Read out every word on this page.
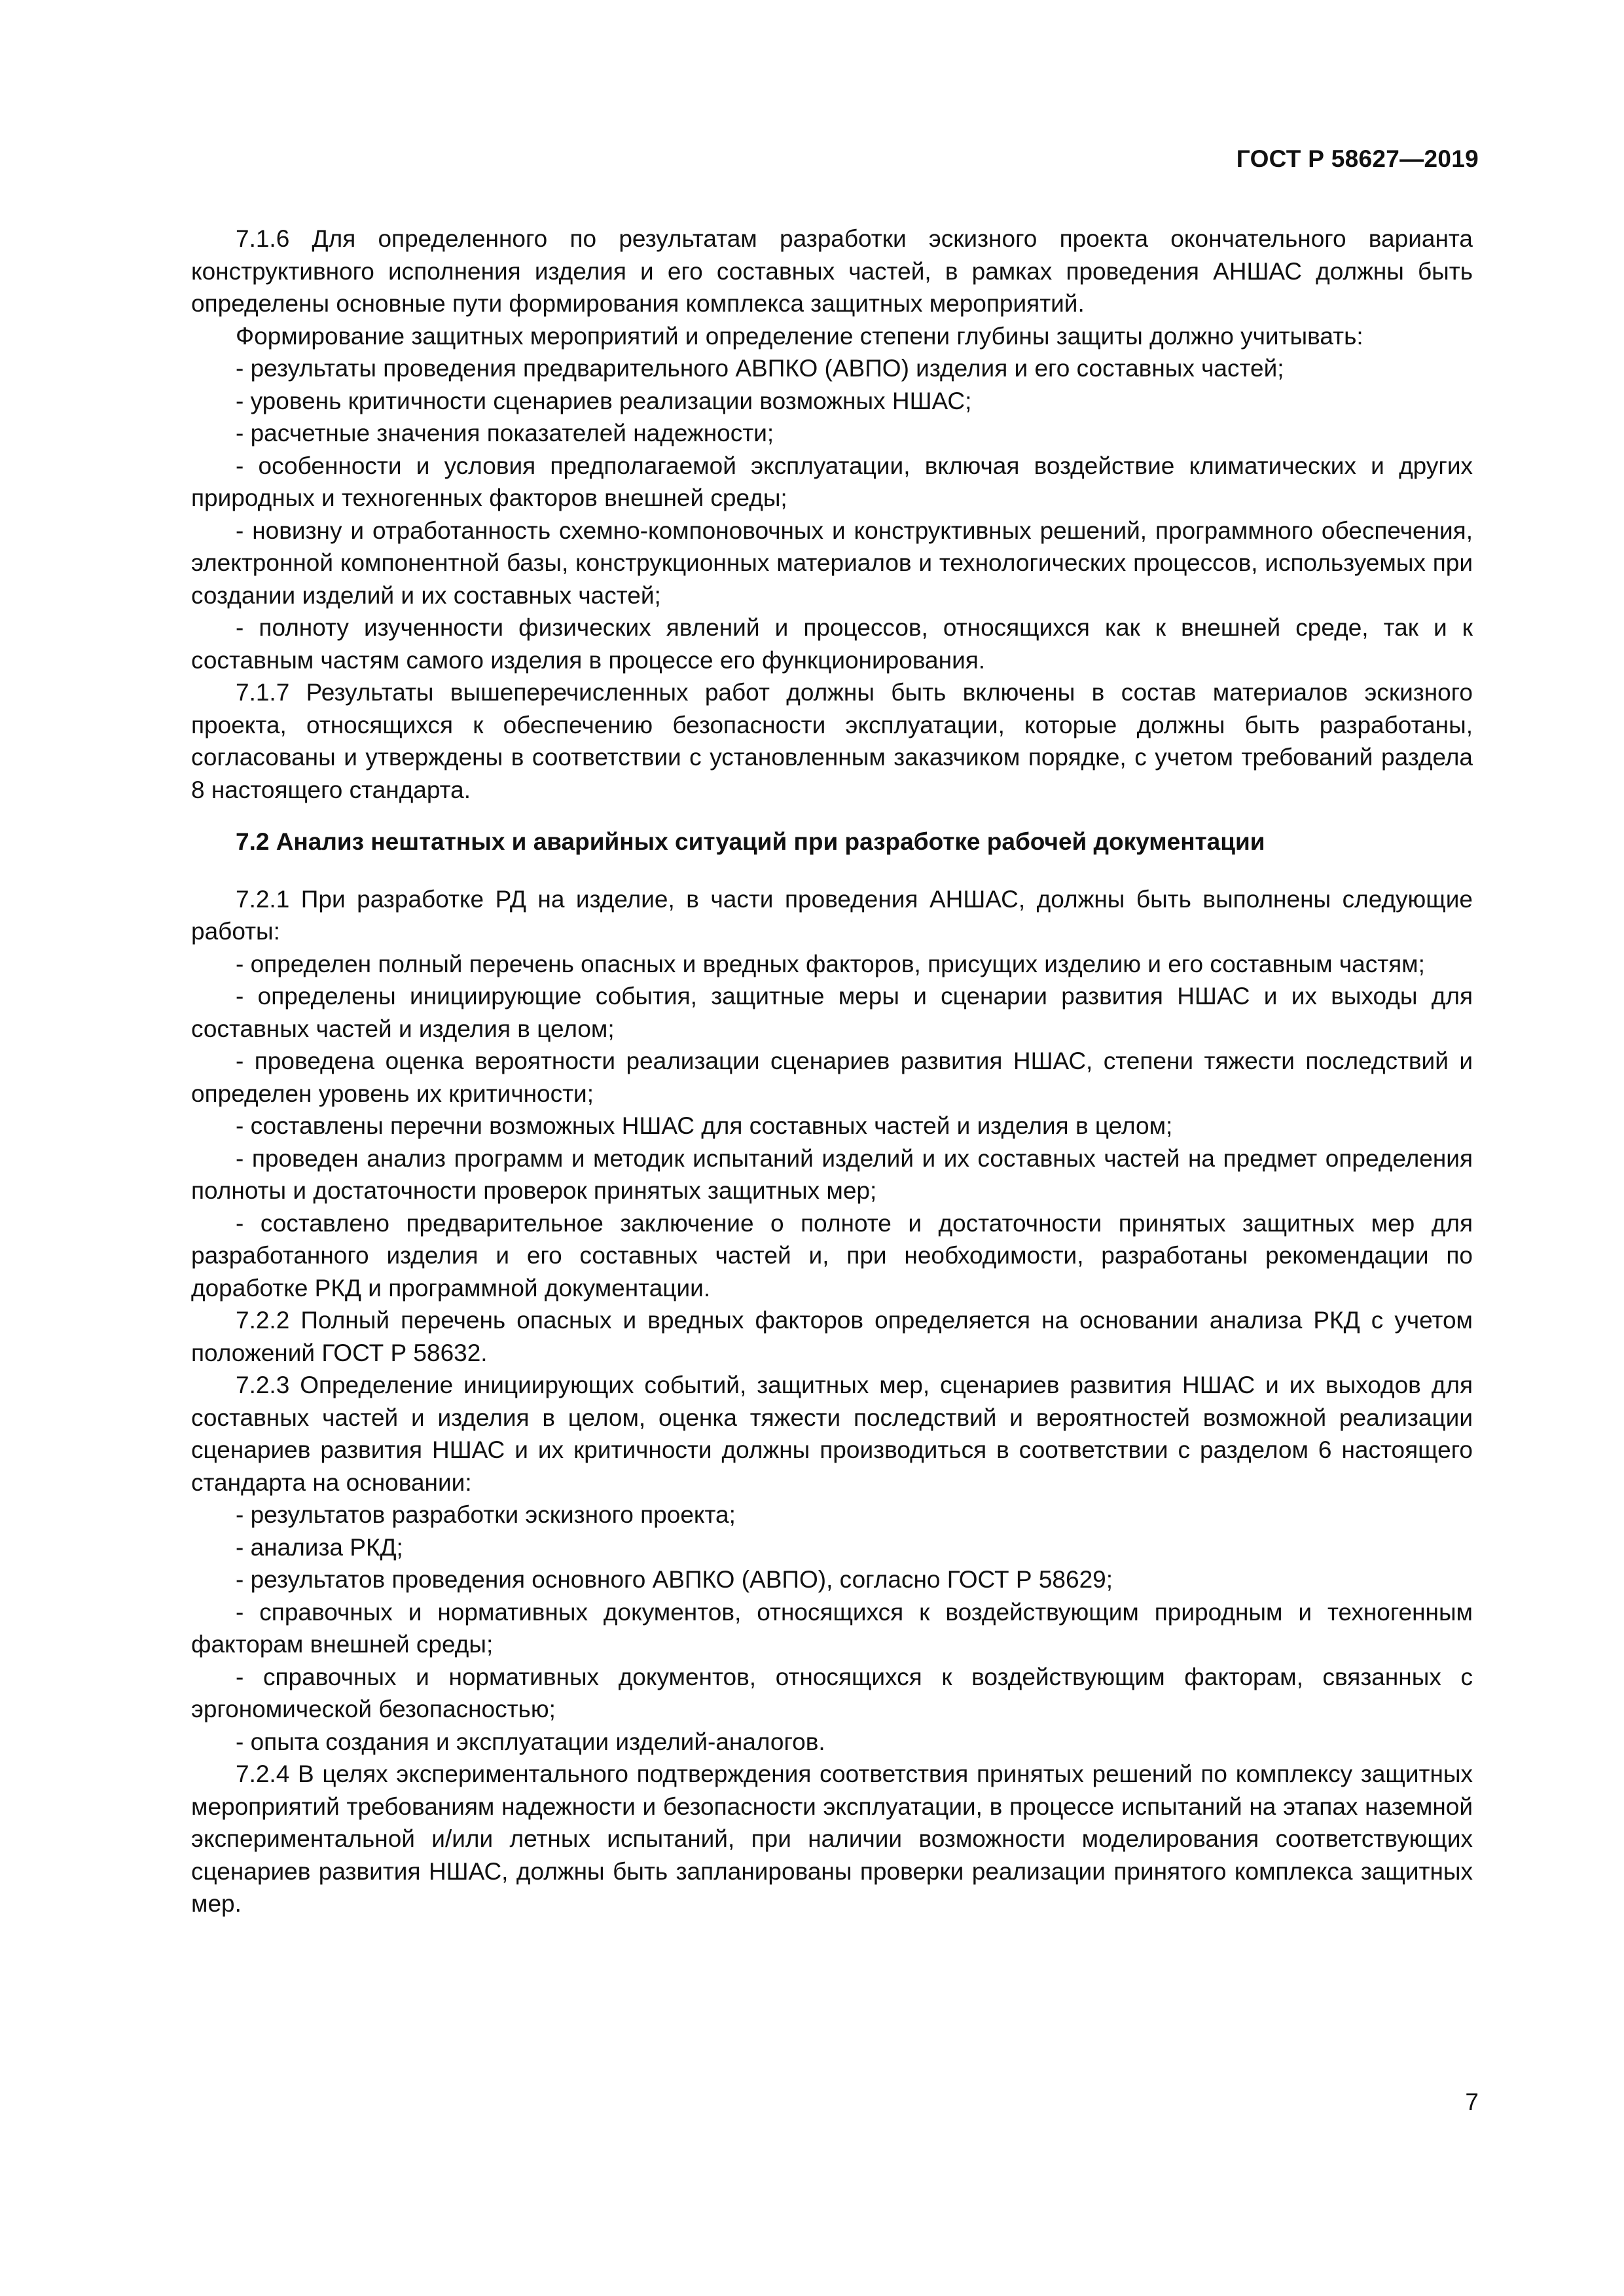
ГОСТ Р 58627—2019

7.1.6 Для определенного по результатам разработки эскизного проекта окончательного варианта конструктивного исполнения изделия и его составных частей, в рамках проведения АНШАС должны быть определены основные пути формирования комплекса защитных мероприятий.

Формирование защитных мероприятий и определение степени глубины защиты должно учитывать:

- результаты проведения предварительного АВПКО (АВПО) изделия и его составных частей;

- уровень критичности сценариев реализации возможных НШАС;

- расчетные значения показателей надежности;

- особенности и условия предполагаемой эксплуатации, включая воздействие климатических и других природных и техногенных факторов внешней среды;

- новизну и отработанность схемно-компоновочных и конструктивных решений, программного обеспечения, электронной компонентной базы, конструкционных материалов и технологических процессов, используемых при создании изделий и их составных частей;

- полноту изученности физических явлений и процессов, относящихся как к внешней среде, так и к составным частям самого изделия в процессе его функционирования.

7.1.7 Результаты вышеперечисленных работ должны быть включены в состав материалов эскизного проекта, относящихся к обеспечению безопасности эксплуатации, которые должны быть разработаны, согласованы и утверждены в соответствии с установленным заказчиком порядке, с учетом требований раздела 8 настоящего стандарта.

7.2 Анализ нештатных и аварийных ситуаций при разработке рабочей документации

7.2.1 При разработке РД на изделие, в части проведения АНШАС, должны быть выполнены следующие работы:

- определен полный перечень опасных и вредных факторов, присущих изделию и его составным частям;

- определены инициирующие события, защитные меры и сценарии развития НШАС и их выходы для составных частей и изделия в целом;

- проведена оценка вероятности реализации сценариев развития НШАС, степени тяжести последствий и определен уровень их критичности;

- составлены перечни возможных НШАС для составных частей и изделия в целом;

- проведен анализ программ и методик испытаний изделий и их составных частей на предмет определения полноты и достаточности проверок принятых защитных мер;

- составлено предварительное заключение о полноте и достаточности принятых защитных мер для разработанного изделия и его составных частей и, при необходимости, разработаны рекомендации по доработке РКД и программной документации.

7.2.2 Полный перечень опасных и вредных факторов определяется на основании анализа РКД с учетом положений ГОСТ Р 58632.

7.2.3 Определение инициирующих событий, защитных мер, сценариев развития НШАС и их выходов для составных частей и изделия в целом, оценка тяжести последствий и вероятностей возможной реализации сценариев развития НШАС и их критичности должны производиться в соответствии с разделом 6 настоящего стандарта на основании:

- результатов разработки эскизного проекта;

- анализа РКД;

- результатов проведения основного АВПКО (АВПО), согласно ГОСТ Р 58629;

- справочных и нормативных документов, относящихся к воздействующим природным и техногенным факторам внешней среды;

- справочных и нормативных документов, относящихся к воздействующим факторам, связанных с эргономической безопасностью;

- опыта создания и эксплуатации изделий-аналогов.

7.2.4 В целях экспериментального подтверждения соответствия принятых решений по комплексу защитных мероприятий требованиям надежности и безопасности эксплуатации, в процессе испытаний на этапах наземной экспериментальной и/или летных испытаний, при наличии возможности моделирования соответствующих сценариев развития НШАС, должны быть запланированы проверки реализации принятого комплекса защитных мер.

7
